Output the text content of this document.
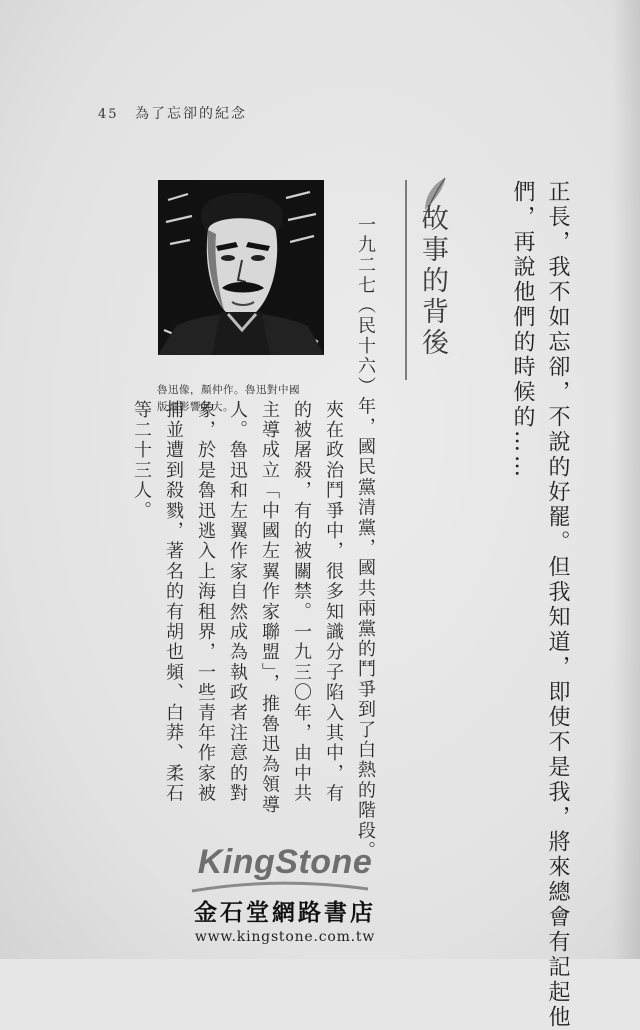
45 為了忘卻的紀念
正長，我不如忘卻，不說的好罷。但我知道，即使不是我，將來總會有記起他
們，再說他們的時候的……
故事的背後
一九二七（民十六）年，國民黨清黨，國共兩黨的鬥爭到了白熱的階段。
夾在政治鬥爭中，很多知識分子陷入其中，有
的被屠殺，有的被關禁。一九三〇年，由中共
主導成立「中國左翼作家聯盟」，推魯迅為領導
人。魯迅和左翼作家自然成為執政者注意的對
象，於是魯迅逃入上海租界，一些青年作家被
捕並遭到殺戮，著名的有胡也頻、白莽、柔石
等二十三人。
魯迅像，顏仲作。魯迅對中國
版畫影響甚大。
KingStone
金石堂網路書店
www.kingstone.com.tw
